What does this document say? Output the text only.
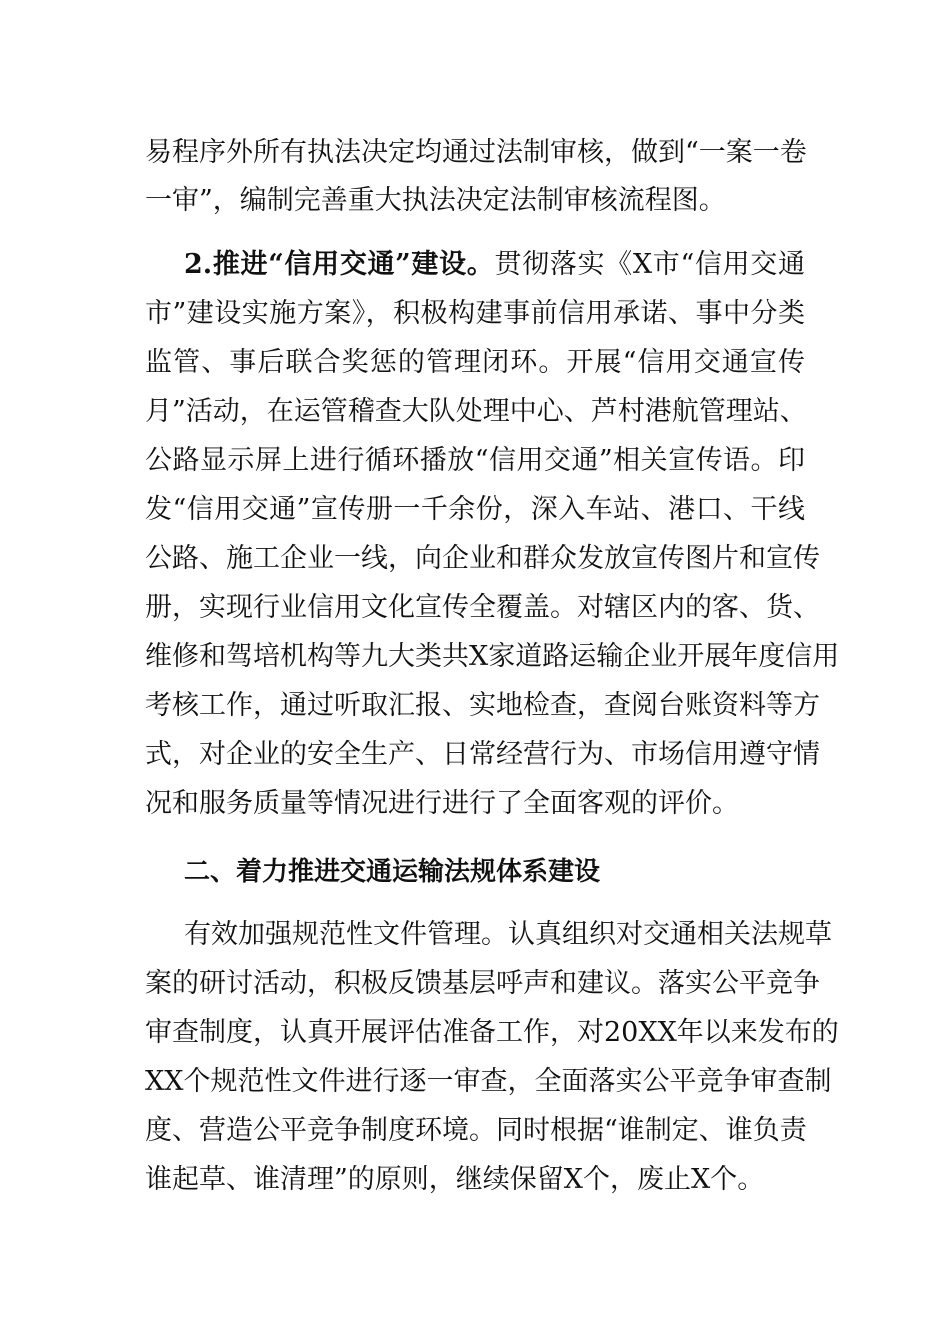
易程序外所有执法决定均通过法制审核，做到“一案一卷
一审”，编制完善重大执法决定法制审核流程图。
2.推进“信用交通”建设。贯彻落实《X市“信用交通
市”建设实施方案》，积极构建事前信用承诺、事中分类
监管、事后联合奖惩的管理闭环。开展“信用交通宣传
月”活动，在运管稽查大队处理中心、芦村港航管理站、
公路显示屏上进行循环播放“信用交通”相关宣传语。印
发“信用交通”宣传册一千余份，深入车站、港口、干线
公路、施工企业一线，向企业和群众发放宣传图片和宣传
册，实现行业信用文化宣传全覆盖。对辖区内的客、货、
维修和驾培机构等九大类共X家道路运输企业开展年度信用
考核工作，通过听取汇报、实地检查，查阅台账资料等方
式，对企业的安全生产、日常经营行为、市场信用遵守情
况和服务质量等情况进行进行了全面客观的评价。
二、着力推进交通运输法规体系建设
有效加强规范性文件管理。认真组织对交通相关法规草
案的研讨活动，积极反馈基层呼声和建议。落实公平竞争
审查制度，认真开展评估准备工作，对20XX年以来发布的
XX个规范性文件进行逐一审查，全面落实公平竞争审查制
度、营造公平竞争制度环境。同时根据“谁制定、谁负责
谁起草、谁清理”的原则，继续保留X个，废止X个。
